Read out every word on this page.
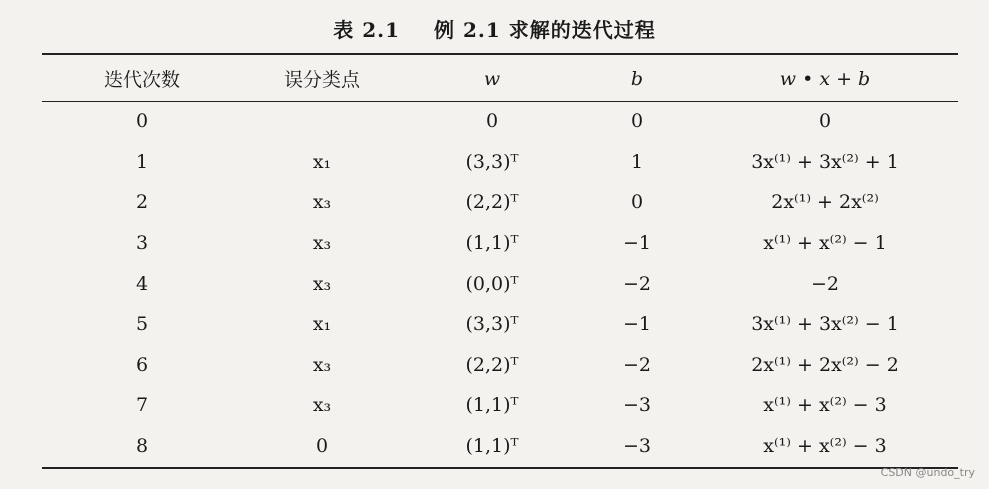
表 2.1 例 2.1 求解的迭代过程
迭代次数	误分类点	w	b	w • x + b
0		0	0	0
1	x₁	(3,3)ᵀ	1	3x⁽¹⁾ + 3x⁽²⁾ + 1
2	x₃	(2,2)ᵀ	0	2x⁽¹⁾ + 2x⁽²⁾
3	x₃	(1,1)ᵀ	−1	x⁽¹⁾ + x⁽²⁾ − 1
4	x₃	(0,0)ᵀ	−2	−2
5	x₁	(3,3)ᵀ	−1	3x⁽¹⁾ + 3x⁽²⁾ − 1
6	x₃	(2,2)ᵀ	−2	2x⁽¹⁾ + 2x⁽²⁾ − 2
7	x₃	(1,1)ᵀ	−3	x⁽¹⁾ + x⁽²⁾ − 3
8	0	(1,1)ᵀ	−3	x⁽¹⁾ + x⁽²⁾ − 3
CSDN @undo_try
